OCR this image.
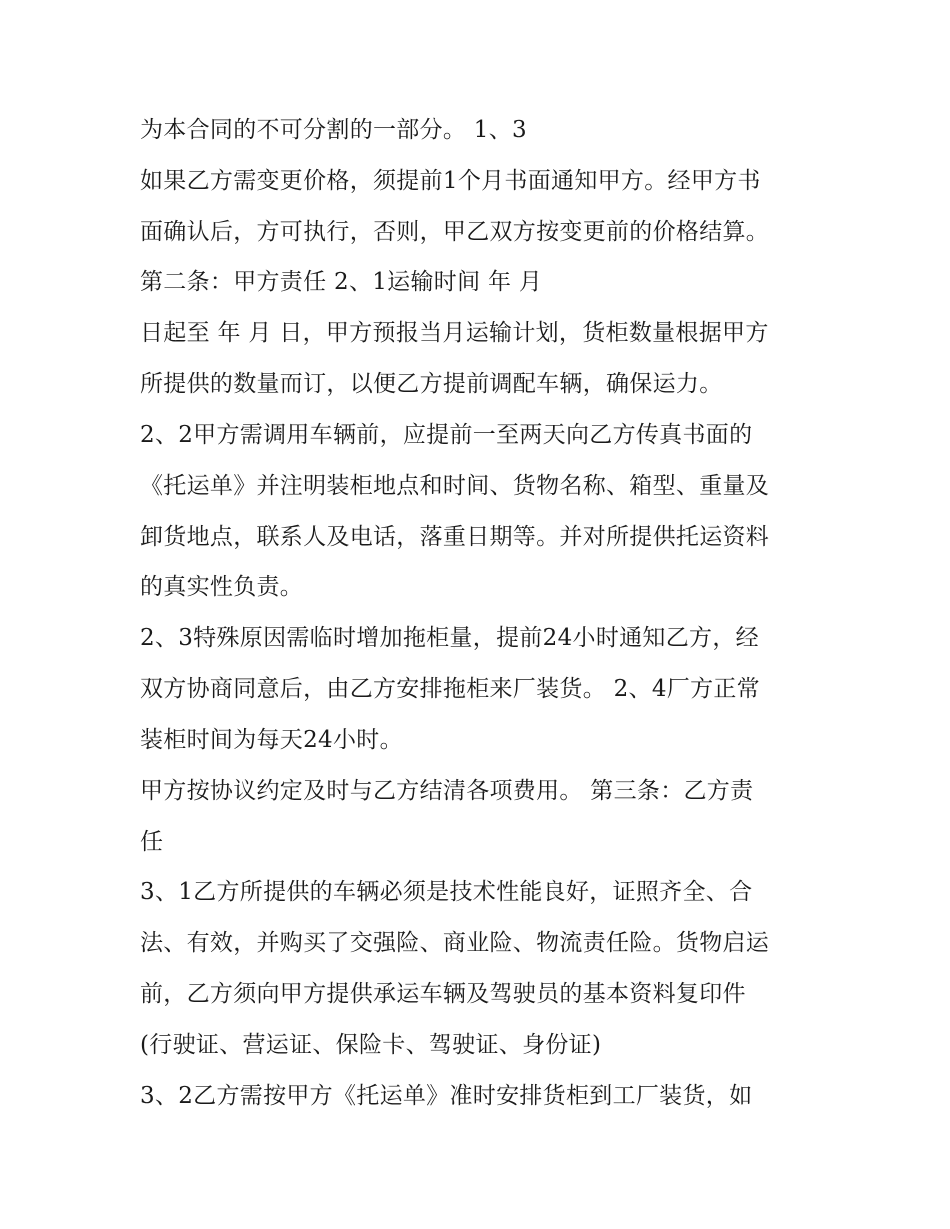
为本合同的不可分割的一部分。 1、3
如果乙方需变更价格，须提前1个月书面通知甲方。经甲方书
面确认后，方可执行，否则，甲乙双方按变更前的价格结算。
第二条：甲方责任 2、1运输时间 年 月
日起至 年 月 日，甲方预报当月运输计划，货柜数量根据甲方
所提供的数量而订，以便乙方提前调配车辆，确保运力。
2、2甲方需调用车辆前，应提前一至两天向乙方传真书面的
《托运单》并注明装柜地点和时间、货物名称、箱型、重量及
卸货地点，联系人及电话，落重日期等。并对所提供托运资料
的真实性负责。
2、3特殊原因需临时增加拖柜量，提前24小时通知乙方，经
双方协商同意后，由乙方安排拖柜来厂装货。 2、4厂方正常
装柜时间为每天24小时。
甲方按协议约定及时与乙方结清各项费用。 第三条：乙方责
任
3、1乙方所提供的车辆必须是技术性能良好，证照齐全、合
法、有效，并购买了交强险、商业险、物流责任险。货物启运
前，乙方须向甲方提供承运车辆及驾驶员的基本资料复印件
(行驶证、营运证、保险卡、驾驶证、身份证)
3、2乙方需按甲方《托运单》准时安排货柜到工厂装货，如
